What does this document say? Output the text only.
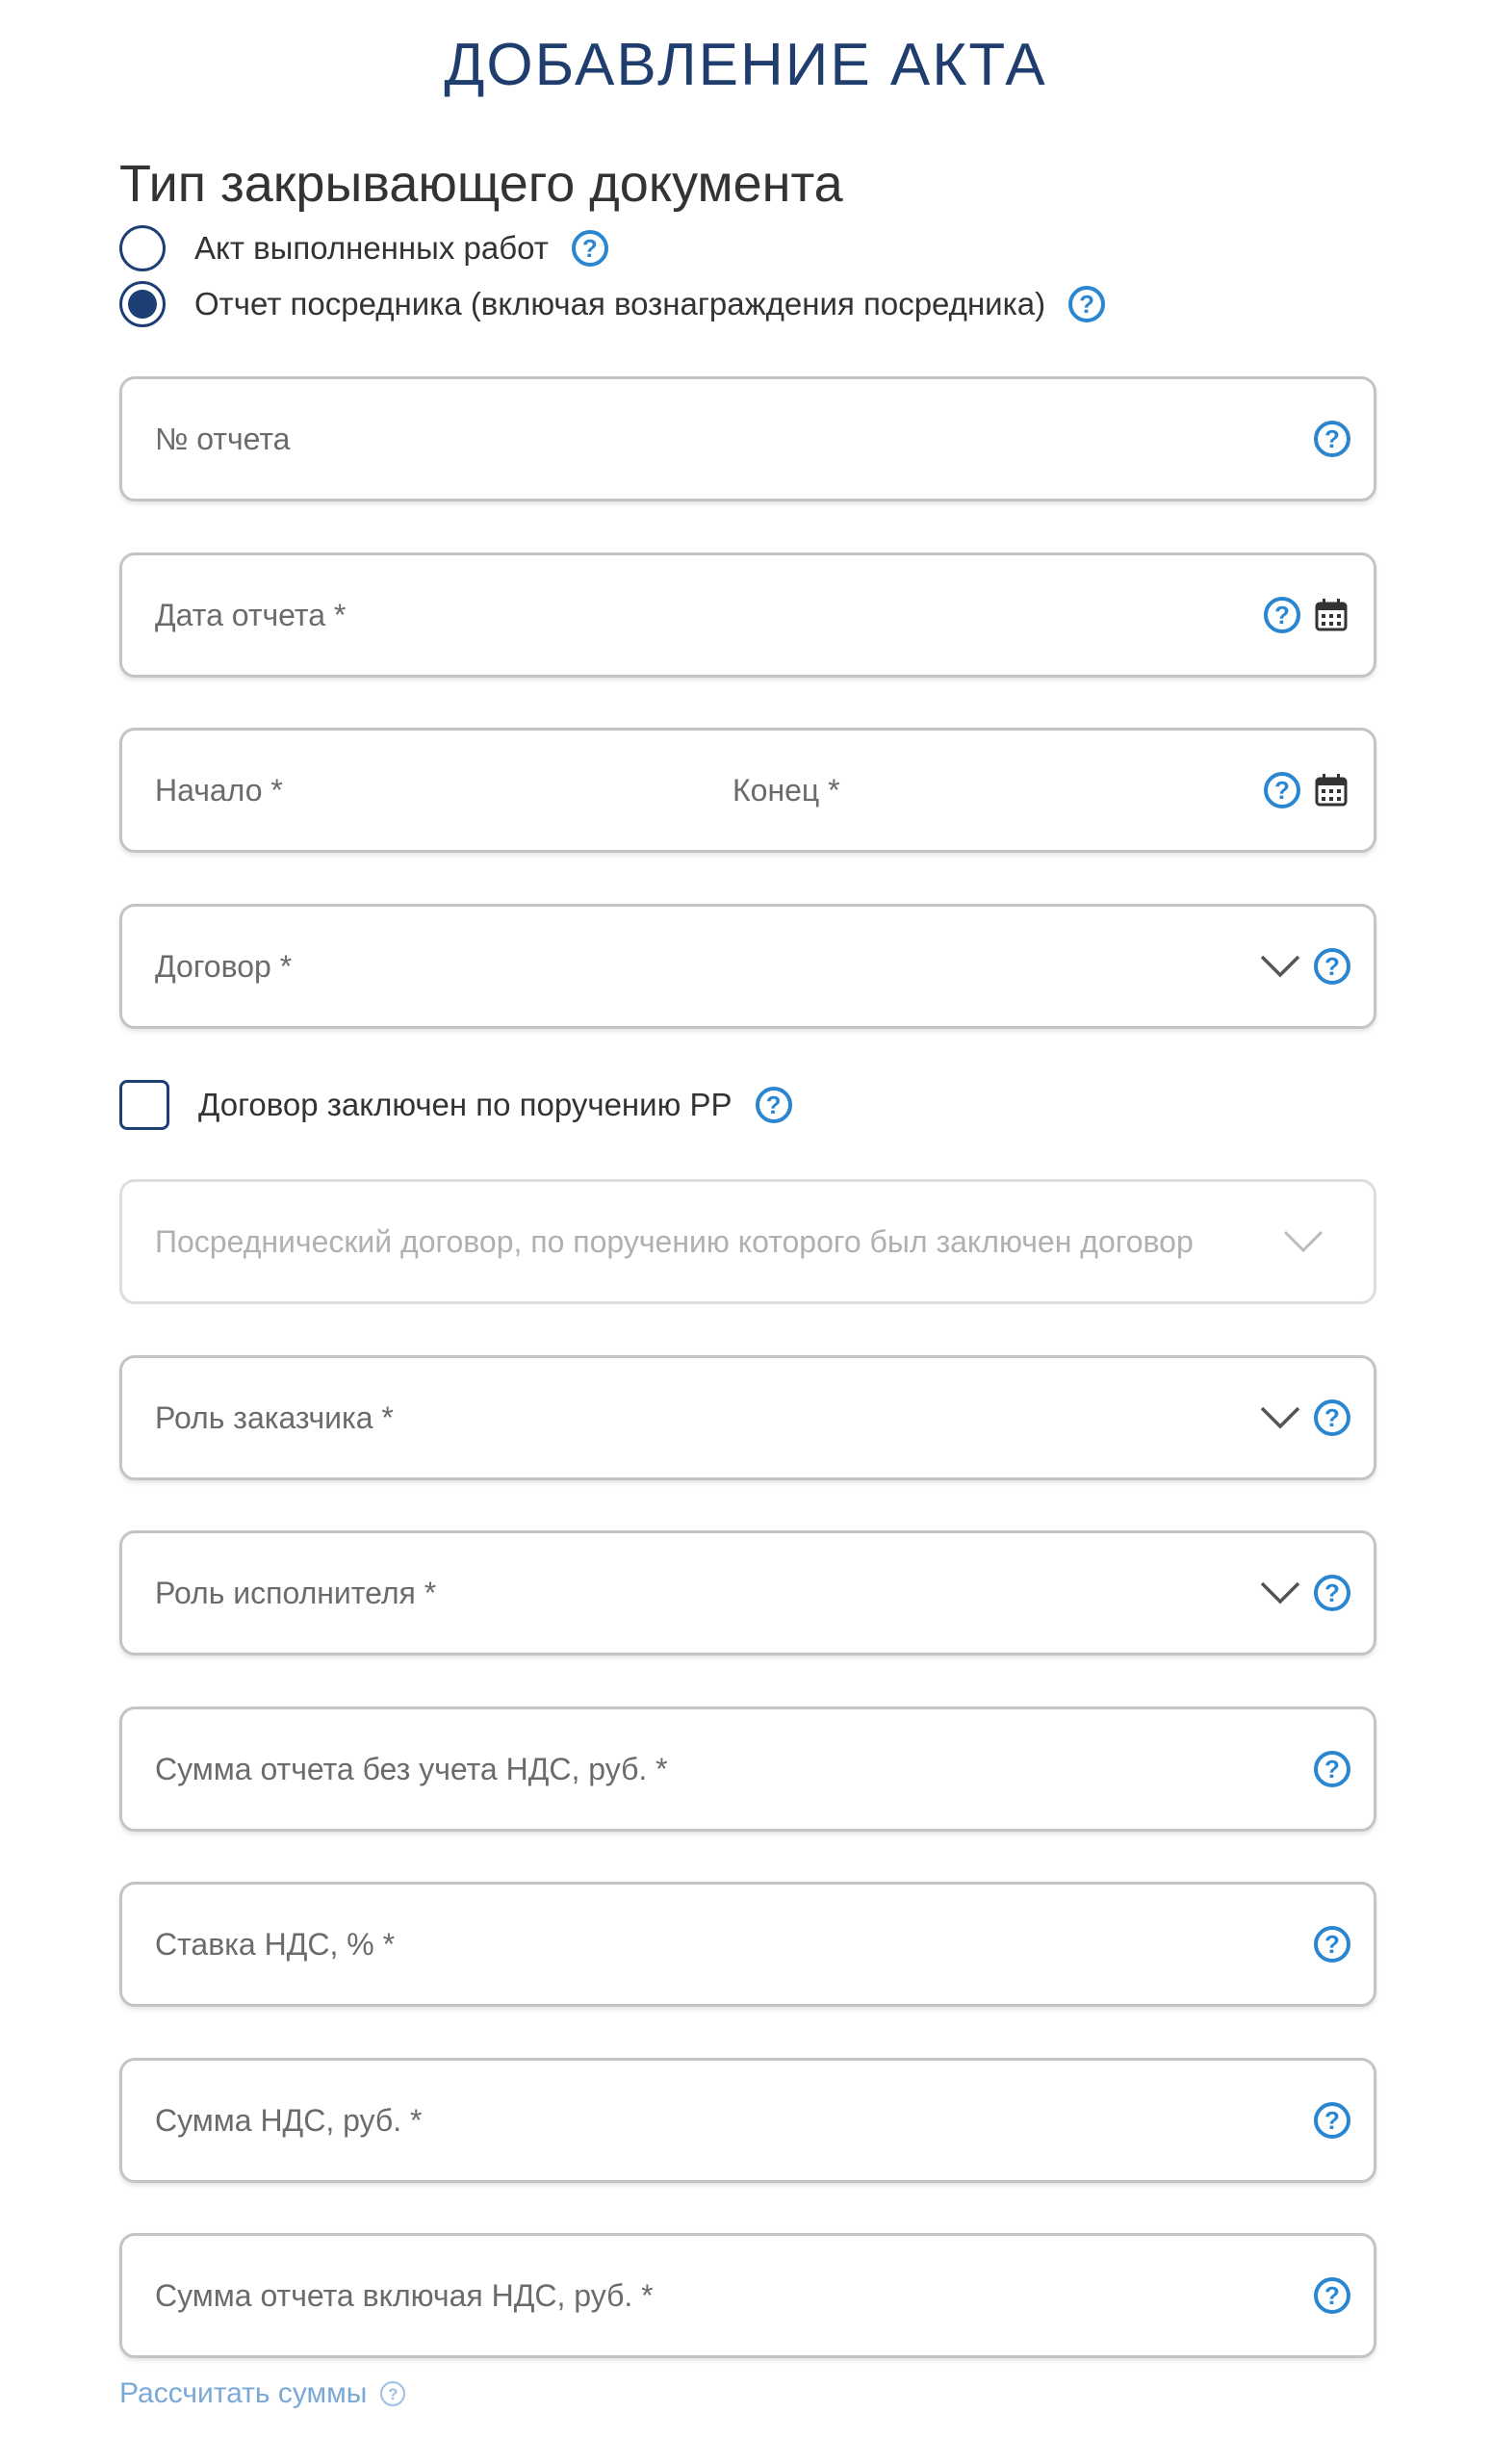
ДОБАВЛЕНИЕ АКТА
Тип закрывающего документа
Акт выполненных работ	?
Отчет посредника (включая вознаграждения посредника)	?
№ отчета	?
Дата отчета *	?
Начало *	Конец *	?
Договор *	?
Договор заключен по поручению РР	?
Посреднический договор, по поручению которого был заключен договор
Роль заказчика *	?
Роль исполнителя *	?
Сумма отчета без учета НДС, руб. *	?
Ставка НДС, % *	?
Сумма НДС, руб. *	?
Сумма отчета включая НДС, руб. *	?
Рассчитать суммы	?
